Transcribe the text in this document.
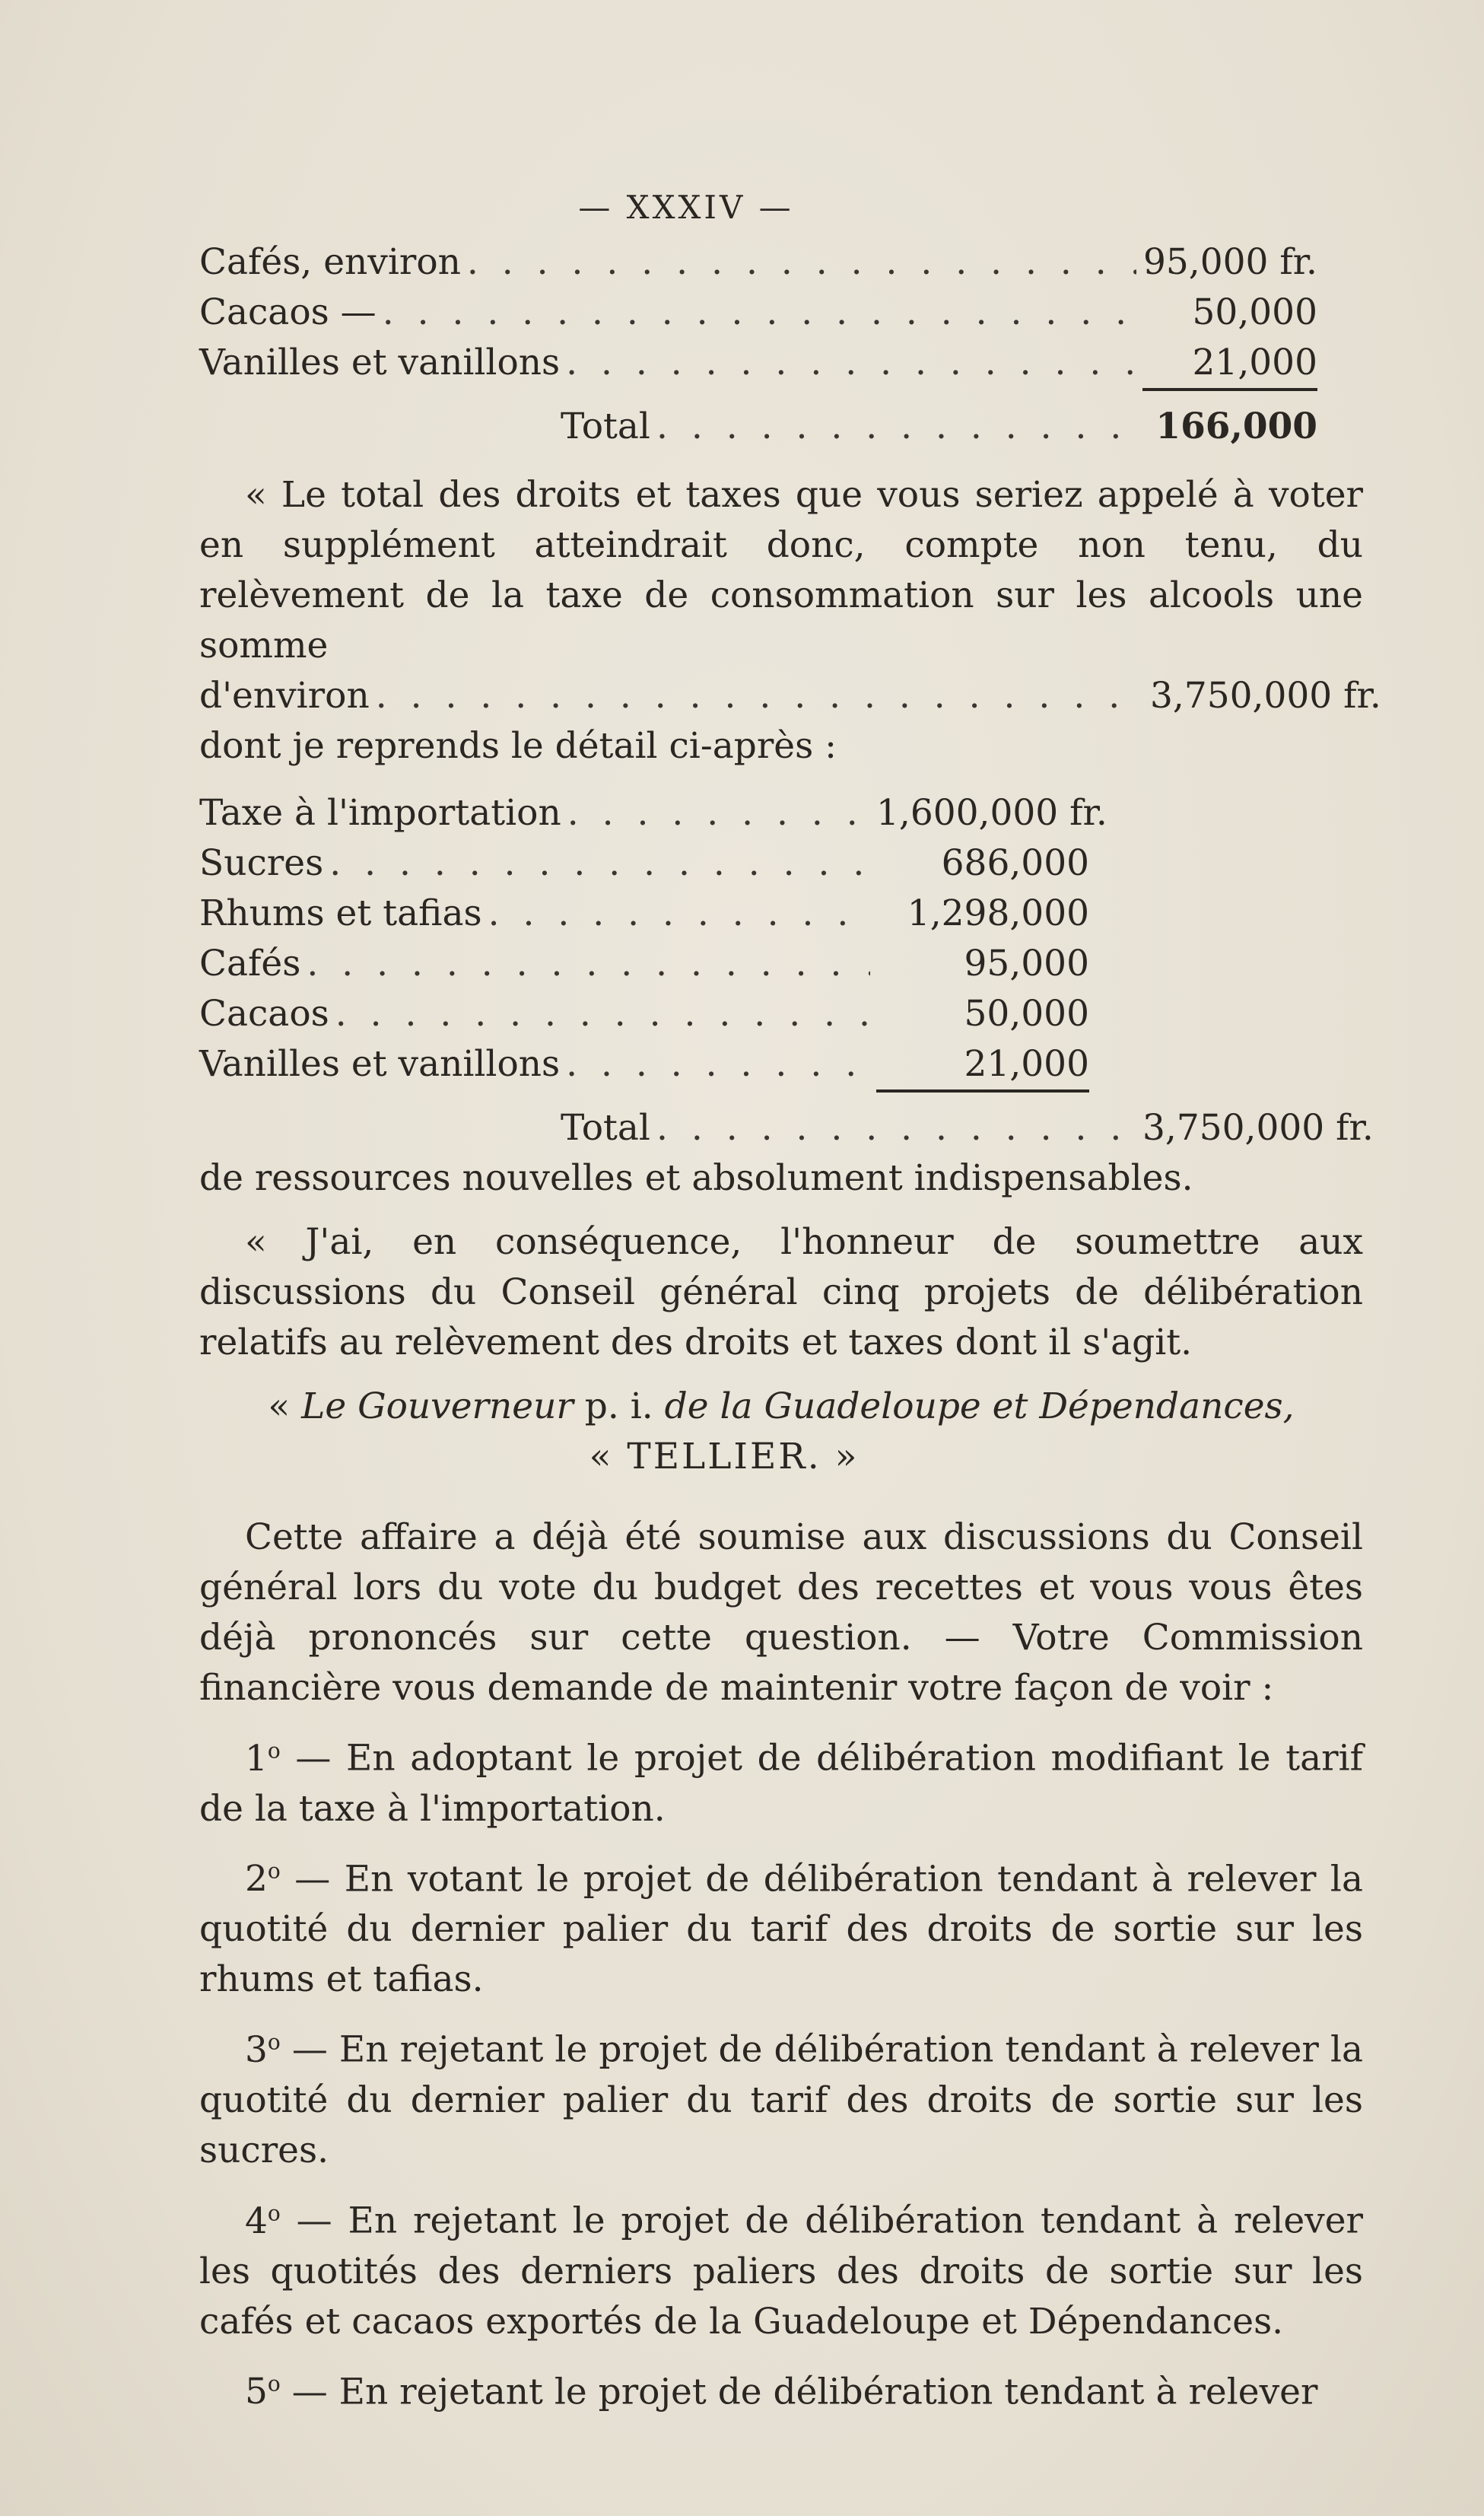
— XXXIV —
Cafés, environ . . .	95,000 fr.
Cacaos — . . .	50,000
Vanilles et vanillons . . .	21,000
Total . . .	166,000

« Le total des droits et taxes que vous seriez appelé à voter en supplément atteindrait donc, compte non tenu, du relèvement de la taxe de consommation sur les alcools une somme

d'environ . . .	3,750,000 fr.

dont je reprends le détail ci-après :

Taxe à l'importation . . .	1,600,000 fr.
Sucres . . .	686,000
Rhums et tafias . . .	1,298,000
Cafés . . .	95,000
Cacaos . . .	50,000
Vanilles et vanillons . . .	21,000
Total . . .	3,750,000 fr.

de ressources nouvelles et absolument indispensables.

« J'ai, en conséquence, l'honneur de soumettre aux discussions du Conseil général cinq projets de délibération relatifs au relèvement des droits et taxes dont il s'agit.

« Le Gouverneur p. i. de la Guadeloupe et Dépendances,
« TELLIER. »

Cette affaire a déjà été soumise aux discussions du Conseil général lors du vote du budget des recettes et vous vous êtes déjà prononcés sur cette question. — Votre Commission financière vous demande de maintenir votre façon de voir :

1$^o$ — En adoptant le projet de délibération modifiant le tarif de la taxe à l'importation.

2$^o$ — En votant le projet de délibération tendant à relever la quotité du dernier palier du tarif des droits de sortie sur les rhums et tafias.

3$^o$ — En rejetant le projet de délibération tendant à relever la quotité du dernier palier du tarif des droits de sortie sur les sucres.

4$^o$ — En rejetant le projet de délibération tendant à relever les quotités des derniers paliers des droits de sortie sur les cafés et cacaos exportés de la Guadeloupe et Dépendances.

5$^o$ — En rejetant le projet de délibération tendant à relever
